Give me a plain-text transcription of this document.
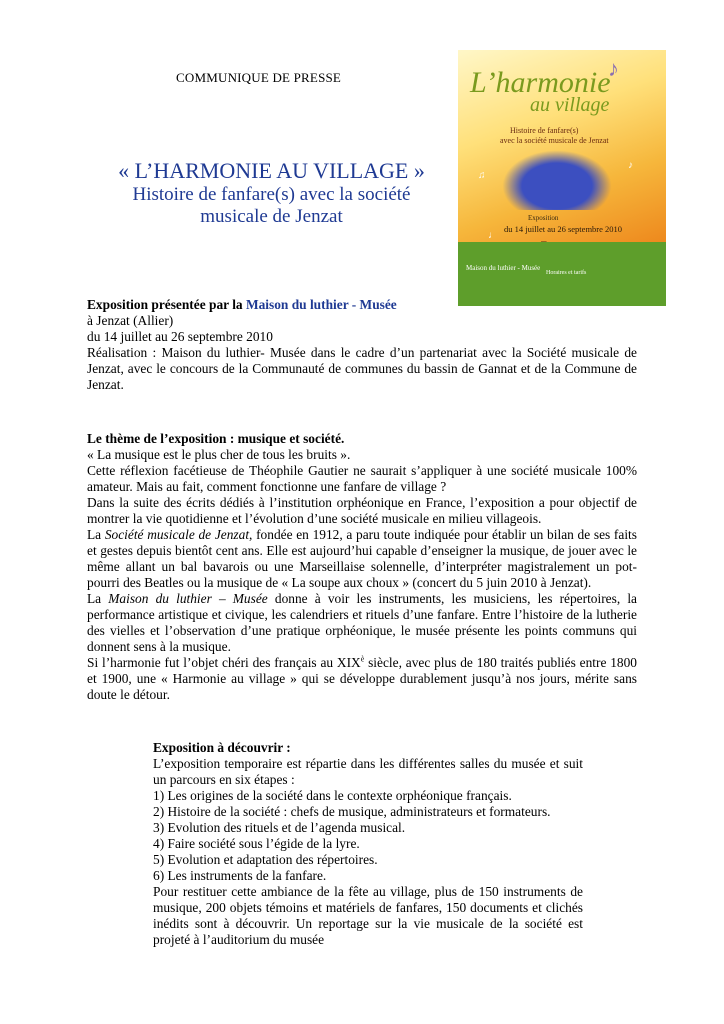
COMMUNIQUE DE PRESSE	♪
L’harmonie
au village
Histoire de fanfare(s)
avec la société musicale de Jenzat
♫
♪
♩
Exposition
du 14 juillet au 26 septembre 2010
Maison du luthier - Musée
Horaires et tarifs
« L’HARMONIE AU VILLAGE »
Histoire de fanfare(s) avec la société
musicale de Jenzat

Exposition présentée par la Maison du luthier - Musée

à Jenzat (Allier)

du 14 juillet au 26 septembre 2010

Réalisation : Maison du luthier- Musée dans le cadre d’un partenariat avec la Société musicale de Jenzat, avec le concours de la Communauté de communes du bassin de Gannat et de la Commune de Jenzat.

Le thème de l’exposition : musique et société.

« La musique est le plus cher de tous les bruits ».

Cette réflexion facétieuse de Théophile Gautier ne saurait s’appliquer à une société musicale 100% amateur. Mais au fait, comment fonctionne une fanfare de village ?

Dans la suite des écrits dédiés à l’institution orphéonique en France, l’exposition a pour objectif de montrer la vie quotidienne et l’évolution d’une société musicale en milieu villageois.

La Société musicale de Jenzat, fondée en 1912, a paru toute indiquée pour établir un bilan de ses faits et gestes depuis bientôt cent ans. Elle est aujourd’hui capable d’enseigner la musique, de jouer avec le même allant un bal bavarois ou une Marseillaise solennelle, d’interpréter magistralement un pot-pourri des Beatles ou la musique de « La soupe aux choux » (concert du 5 juin 2010 à Jenzat).

La Maison du luthier – Musée donne à voir les instruments, les musiciens, les répertoires, la performance artistique et civique, les calendriers et rituels d’une fanfare. Entre l’histoire de la lutherie des vielles et l’observation d’une pratique orphéonique, le musée présente les points communs qui donnent sens à la musique.

Si l’harmonie fut l’objet chéri des français au $XIX^è$ siècle, avec plus de 180 traités publiés entre 1800 et 1900, une « Harmonie au village » qui se développe durablement jusqu’à nos jours, mérite sans doute le détour.

Exposition à découvrir :

L’exposition temporaire est répartie dans les différentes salles du musée et suit un parcours en six étapes :

1) Les origines de la société dans le contexte orphéonique français.

2) Histoire de la société : chefs de musique, administrateurs et formateurs.

3) Evolution des rituels et de l’agenda musical.

4) Faire société sous l’égide de la lyre.

5) Evolution et adaptation des répertoires.

6) Les instruments de la fanfare.

Pour restituer cette ambiance de la fête au village, plus de 150 instruments de musique, 200 objets témoins et matériels de fanfares, 150 documents et clichés inédits sont à découvrir. Un reportage sur la vie musicale de la société est projeté à l’auditorium du musée
